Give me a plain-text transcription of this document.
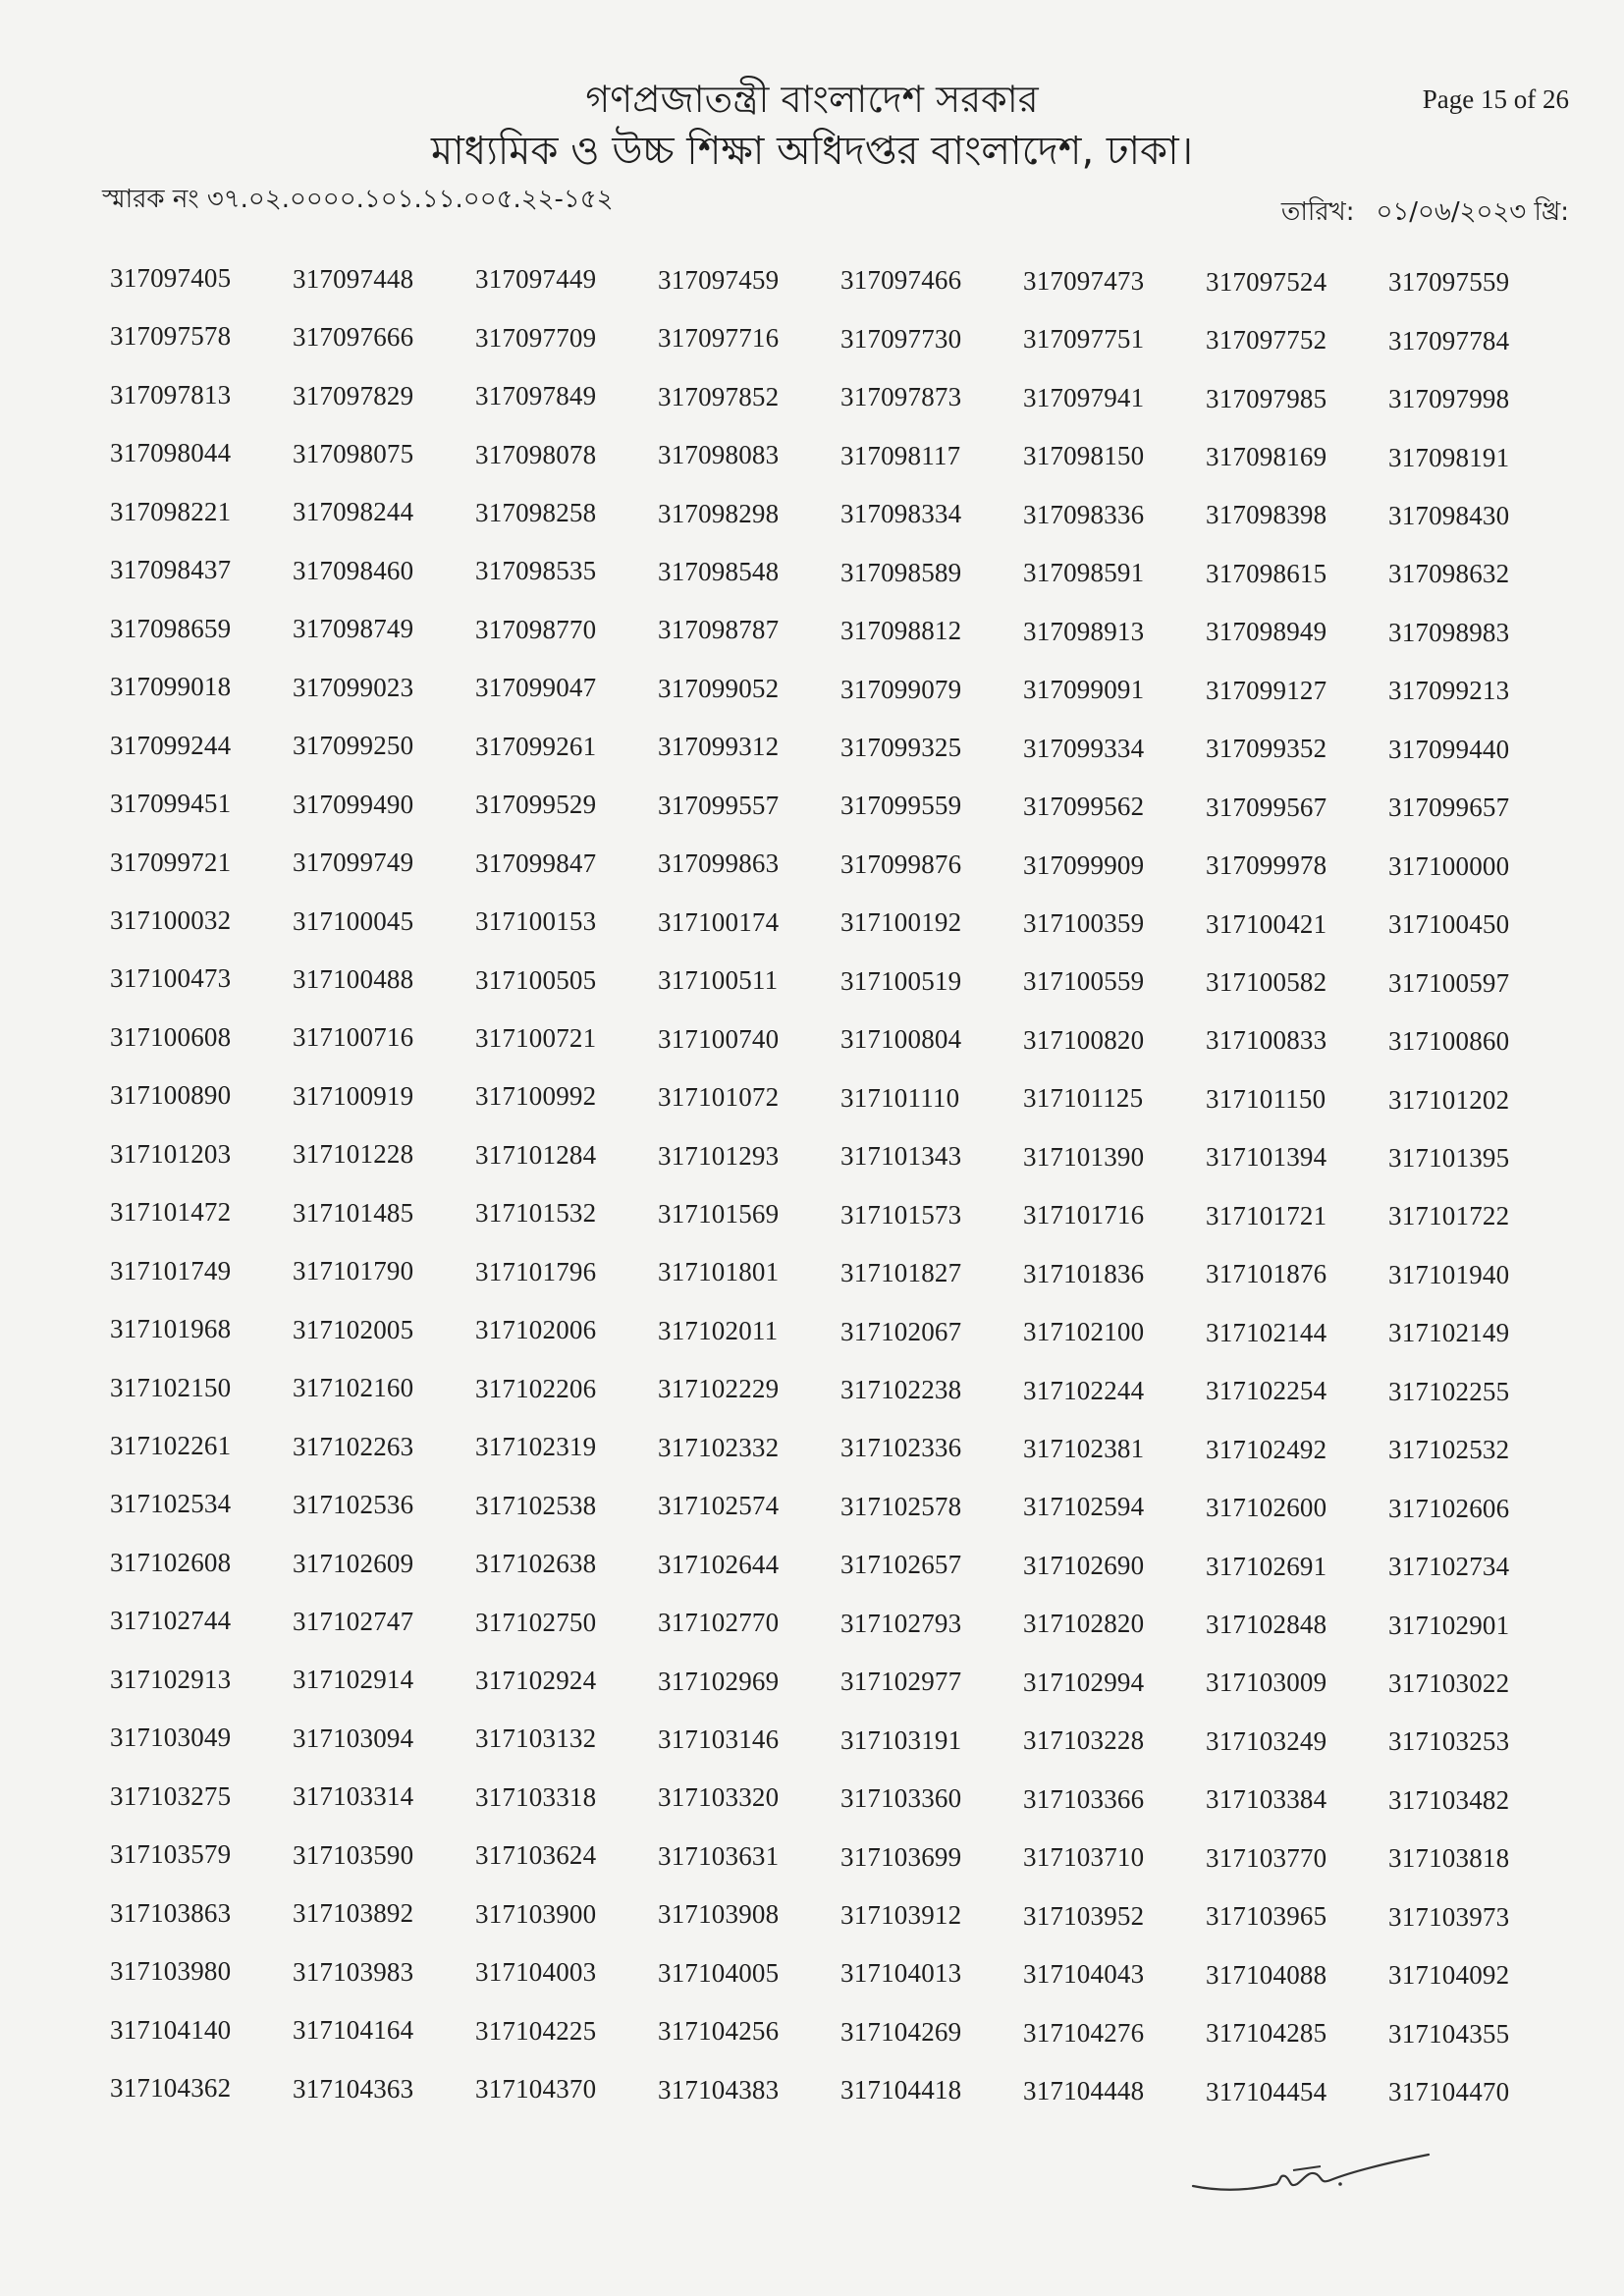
গণপ্রজাতন্ত্রী বাংলাদেশ সরকার
মাধ্যমিক ও উচ্চ শিক্ষা অধিদপ্তর বাংলাদেশ, ঢাকা।
Page 15 of 26
স্মারক নং ৩৭.০২.০০০০.১০১.১১.০০৫.২২-১৫২	তারিখ: ০১/০৬/২০২৩ খ্রি:
317097405 317097448 317097449 317097459 317097466 317097473 317097524 317097559
317097578 317097666 317097709 317097716 317097730 317097751 317097752 317097784
317097813 317097829 317097849 317097852 317097873 317097941 317097985 317097998
317098044 317098075 317098078 317098083 317098117 317098150 317098169 317098191
317098221 317098244 317098258 317098298 317098334 317098336 317098398 317098430
317098437 317098460 317098535 317098548 317098589 317098591 317098615 317098632
317098659 317098749 317098770 317098787 317098812 317098913 317098949 317098983
317099018 317099023 317099047 317099052 317099079 317099091 317099127 317099213
317099244 317099250 317099261 317099312 317099325 317099334 317099352 317099440
317099451 317099490 317099529 317099557 317099559 317099562 317099567 317099657
317099721 317099749 317099847 317099863 317099876 317099909 317099978 317100000
317100032 317100045 317100153 317100174 317100192 317100359 317100421 317100450
317100473 317100488 317100505 317100511 317100519 317100559 317100582 317100597
317100608 317100716 317100721 317100740 317100804 317100820 317100833 317100860
317100890 317100919 317100992 317101072 317101110 317101125 317101150 317101202
317101203 317101228 317101284 317101293 317101343 317101390 317101394 317101395
317101472 317101485 317101532 317101569 317101573 317101716 317101721 317101722
317101749 317101790 317101796 317101801 317101827 317101836 317101876 317101940
317101968 317102005 317102006 317102011 317102067 317102100 317102144 317102149
317102150 317102160 317102206 317102229 317102238 317102244 317102254 317102255
317102261 317102263 317102319 317102332 317102336 317102381 317102492 317102532
317102534 317102536 317102538 317102574 317102578 317102594 317102600 317102606
317102608 317102609 317102638 317102644 317102657 317102690 317102691 317102734
317102744 317102747 317102750 317102770 317102793 317102820 317102848 317102901
317102913 317102914 317102924 317102969 317102977 317102994 317103009 317103022
317103049 317103094 317103132 317103146 317103191 317103228 317103249 317103253
317103275 317103314 317103318 317103320 317103360 317103366 317103384 317103482
317103579 317103590 317103624 317103631 317103699 317103710 317103770 317103818
317103863 317103892 317103900 317103908 317103912 317103952 317103965 317103973
317103980 317103983 317104003 317104005 317104013 317104043 317104088 317104092
317104140 317104164 317104225 317104256 317104269 317104276 317104285 317104355
317104362 317104363 317104370 317104383 317104418 317104448 317104454 317104470
